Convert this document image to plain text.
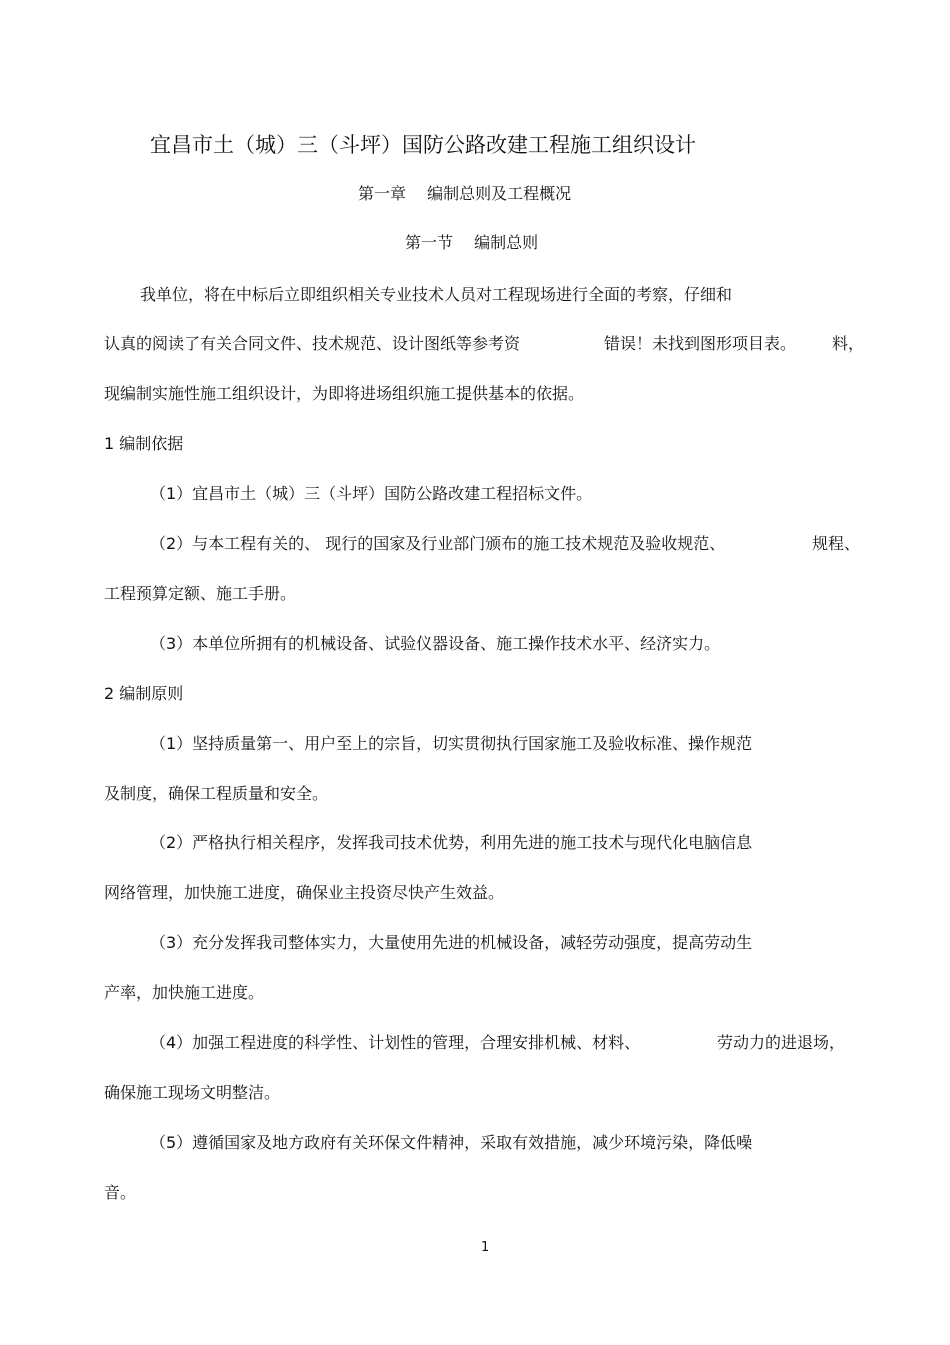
宜昌市土（城）三（斗坪）国防公路改建工程施工组织设计
第一章　 编制总则及工程概况
第一节　 编制总则
我单位，将在中标后立即组织相关专业技术人员对工程现场进行全面的考察，仔细和
认真的阅读了有关合同文件、技术规范、设计图纸等参考资	错误！未找到图形项目表。 料，
现编制实施性施工组织设计，为即将进场组织施工提供基本的依据。
1 编制依据
（1）宜昌市土（城）三（斗坪）国防公路改建工程招标文件。
（2）与本工程有关的、 现行的国家及行业部门颁布的施工技术规范及验收规范、	规程、
工程预算定额、施工手册。
（3）本单位所拥有的机械设备、试验仪器设备、施工操作技术水平、经济实力。
2 编制原则
（1）坚持质量第一、用户至上的宗旨，切实贯彻执行国家施工及验收标准、操作规范
及制度，确保工程质量和安全。
（2）严格执行相关程序，发挥我司技术优势，利用先进的施工技术与现代化电脑信息
网络管理，加快施工进度，确保业主投资尽快产生效益。
（3）充分发挥我司整体实力，大量使用先进的机械设备，减轻劳动强度，提高劳动生
产率，加快施工进度。
（4）加强工程进度的科学性、计划性的管理，合理安排机械、材料、	劳动力的进退场，
确保施工现场文明整洁。
（5）遵循国家及地方政府有关环保文件精神，采取有效措施，减少环境污染，降低噪
音。
1
